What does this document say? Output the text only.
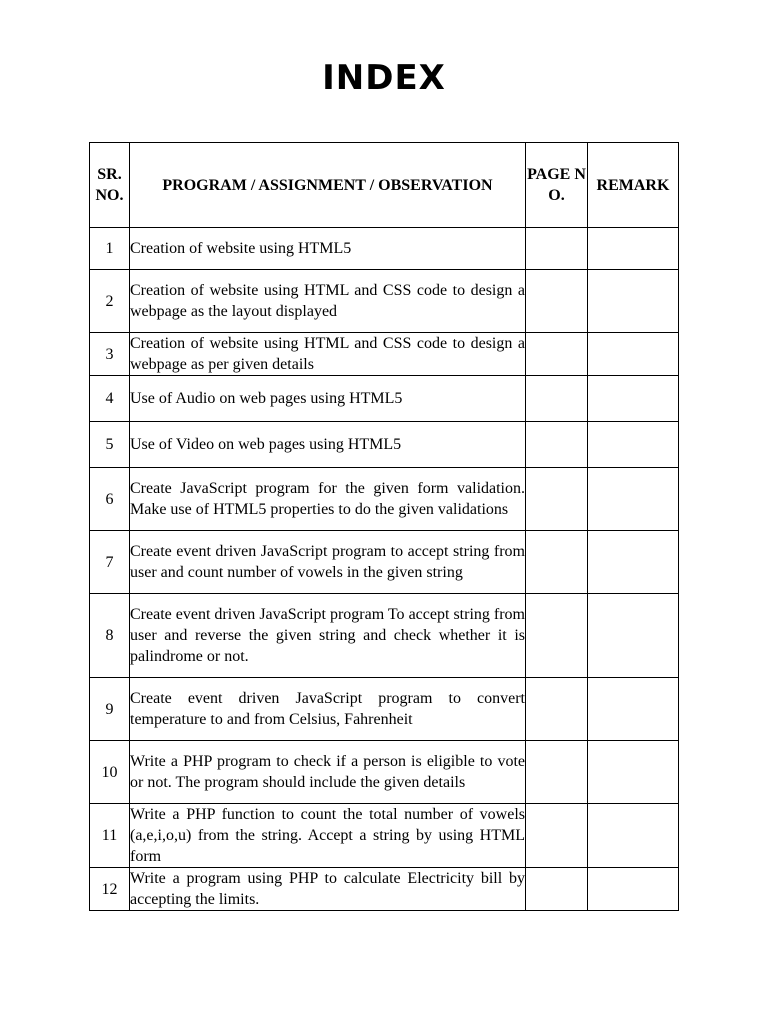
INDEX
SR. NO.	PROGRAM / ASSIGNMENT / OBSERVATION	PAGE NO.	REMARK
1	Creation of website using HTML5		
2	Creation of website using HTML and CSS code to design a webpage as the layout displayed		
3	Creation of website using HTML and CSS code to design a webpage as per given details		
4	Use of Audio on web pages using HTML5		
5	Use of Video on web pages using HTML5		
6	Create JavaScript program for the given form validation. Make use of HTML5 properties to do the given validations		
7	Create event driven JavaScript program to accept string from user and count number of vowels in the given string		
8	Create event driven JavaScript program To accept string from user and reverse the given string and check whether it is palindrome or not.		
9	Create event driven JavaScript program to convert temperature to and from Celsius, Fahrenheit		
10	Write a PHP program to check if a person is eligible to vote or not. The program should include the given details		
11	Write a PHP function to count the total number of vowels (a,e,i,o,u) from the string. Accept a string by using HTML form		
12	Write a program using PHP to calculate Electricity bill by accepting the limits.		
